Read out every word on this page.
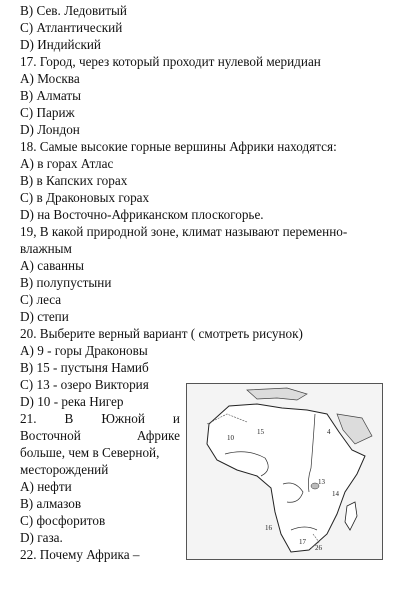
B) Сев. Ледовитый
C) Атлантический
D) Индийский
17. Город, через который проходит нулевой меридиан
A) Москва
B) Алматы
C) Париж
D) Лондон
18. Самые высокие горные вершины Африки находятся:
A) в горах Атлас
B) в Капских горах
C) в Драконовых горах
D) на Восточно-Африканском плоскогорье.
19, В какой природной зоне, климат называют переменно-
влажным
A) саванны
B) полупустыни
C) леса
D) степи
20. Выберите верный вариант ( смотреть рисунок)
A) 9 - горы Драконовы
B) 15 - пустыня Намиб
C) 13 - озеро Виктория
D) 10 - река Нигер
21. В Южной и
Восточной	Африке
больше, чем в Северной,
месторождений
A) нефти
B) алмазов
C) фосфоритов
D) газа.
22. Почему Африка –
10
15	4
13
14
16
17
26
